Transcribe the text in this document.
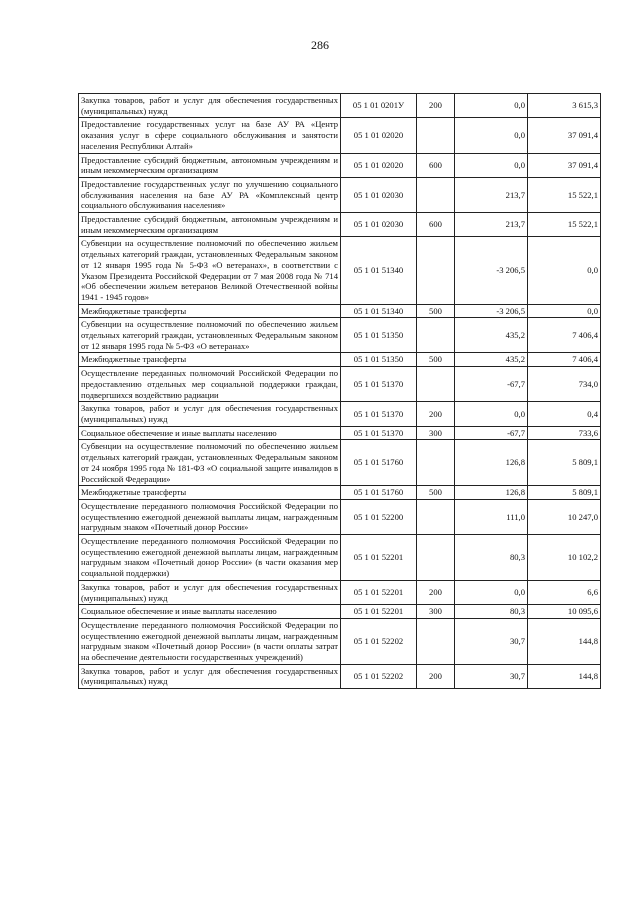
286
Закупка товаров, работ и услуг для обеспечения государственных (муниципальных) нужд	05 1 01 0201У	200	0,0	3 615,3
Предоставление государственных услуг на базе АУ РА «Центр оказания услуг в сфере социального обслуживания и занятости населения Республики Алтай»	05 1 01 02020		0,0	37 091,4
Предоставление субсидий бюджетным, автономным учреждениям и иным некоммерческим организациям	05 1 01 02020	600	0,0	37 091,4
Предоставление государственных услуг по улучшению социального обслуживания населения на базе АУ РА «Комплексный центр социального обслуживания населения»	05 1 01 02030		213,7	15 522,1
Предоставление субсидий бюджетным, автономным учреждениям и иным некоммерческим организациям	05 1 01 02030	600	213,7	15 522,1
Субвенции на осуществление полномочий по обеспечению жильем отдельных категорий граждан, установленных Федеральным законом от 12 января 1995 года № 5-ФЗ «О ветеранах», в соответствии с Указом Президента Российской Федерации от 7 мая 2008 года № 714 «Об обеспечении жильем ветеранов Великой Отечественной войны 1941 - 1945 годов»	05 1 01 51340		-3 206,5	0,0
Межбюджетные трансферты	05 1 01 51340	500	-3 206,5	0,0
Субвенции на осуществление полномочий по обеспечению жильем отдельных категорий граждан, установленных Федеральным законом от 12 января 1995 года № 5-ФЗ «О ветеранах»	05 1 01 51350		435,2	7 406,4
Межбюджетные трансферты	05 1 01 51350	500	435,2	7 406,4
Осуществление переданных полномочий Российской Федерации по предоставлению отдельных мер социальной поддержки граждан, подвергшихся воздействию радиации	05 1 01 51370		-67,7	734,0
Закупка товаров, работ и услуг для обеспечения государственных (муниципальных) нужд	05 1 01 51370	200	0,0	0,4
Социальное обеспечение и иные выплаты населению	05 1 01 51370	300	-67,7	733,6
Субвенции на осуществление полномочий по обеспечению жильем отдельных категорий граждан, установленных Федеральным законом от 24 ноября 1995 года № 181-ФЗ «О социальной защите инвалидов в Российской Федерации»	05 1 01 51760		126,8	5 809,1
Межбюджетные трансферты	05 1 01 51760	500	126,8	5 809,1
Осуществление переданного полномочия Российской Федерации по осуществлению ежегодной денежной выплаты лицам, награжденным нагрудным знаком «Почетный донор России»	05 1 01 52200		111,0	10 247,0
Осуществление переданного полномочия Российской Федерации по осуществлению ежегодной денежной выплаты лицам, награжденным нагрудным знаком «Почетный донор России» (в части оказания мер социальной поддержки)	05 1 01 52201		80,3	10 102,2
Закупка товаров, работ и услуг для обеспечения государственных (муниципальных) нужд	05 1 01 52201	200	0,0	6,6
Социальное обеспечение и иные выплаты населению	05 1 01 52201	300	80,3	10 095,6
Осуществление переданного полномочия Российской Федерации по осуществлению ежегодной денежной выплаты лицам, награжденным нагрудным знаком «Почетный донор России» (в части оплаты затрат на обеспечение деятельности государственных учреждений)	05 1 01 52202		30,7	144,8
Закупка товаров, работ и услуг для обеспечения государственных (муниципальных) нужд	05 1 01 52202	200	30,7	144,8
